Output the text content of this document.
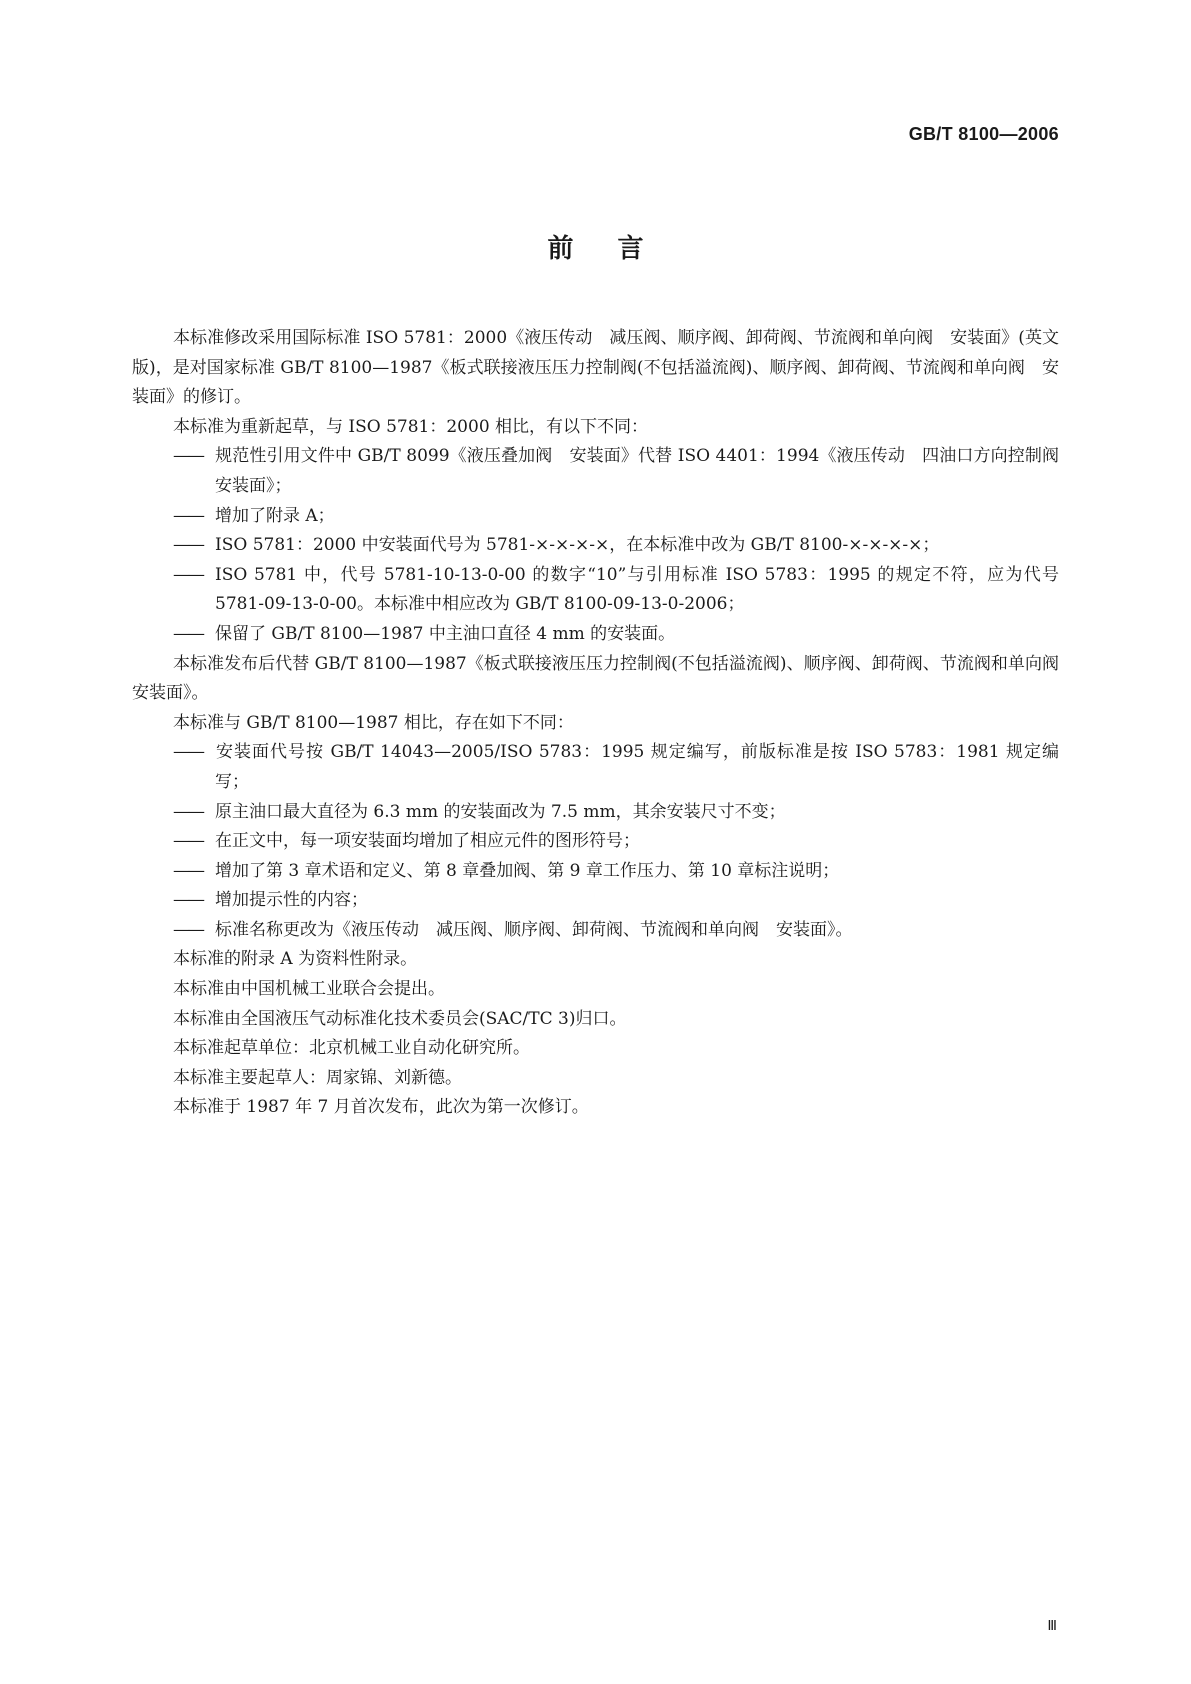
GB/T 8100—2006
前言
本标准修改采用国际标准 ISO 5781：2000《液压传动　减压阀、顺序阀、卸荷阀、节流阀和单向阀　安装面》(英文版)，是对国家标准 GB/T 8100—1987《板式联接液压压力控制阀(不包括溢流阀)、顺序阀、卸荷阀、节流阀和单向阀　安装面》的修订。
本标准为重新起草，与 ISO 5781：2000 相比，有以下不同：
—— 规范性引用文件中 GB/T 8099《液压叠加阀　安装面》代替 ISO 4401：1994《液压传动　四油口方向控制阀　安装面》；
—— 增加了附录 A；
—— ISO 5781：2000 中安装面代号为 5781-×-×-×-×，在本标准中改为 GB/T 8100-×-×-×-×；
—— ISO 5781 中，代号 5781-10-13-0-00 的数字“10”与引用标准 ISO 5783：1995 的规定不符，应为代号 5781-09-13-0-00。本标准中相应改为 GB/T 8100-09-13-0-2006；
—— 保留了 GB/T 8100—1987 中主油口直径 4 mm 的安装面。
本标准发布后代替 GB/T 8100—1987《板式联接液压压力控制阀(不包括溢流阀)、顺序阀、卸荷阀、节流阀和单向阀　安装面》。
本标准与 GB/T 8100—1987 相比，存在如下不同：
—— 安装面代号按 GB/T 14043—2005/ISO 5783：1995 规定编写，前版标准是按 ISO 5783：1981 规定编写；
—— 原主油口最大直径为 6.3 mm 的安装面改为 7.5 mm，其余安装尺寸不变；
—— 在正文中，每一项安装面均增加了相应元件的图形符号；
—— 增加了第 3 章术语和定义、第 8 章叠加阀、第 9 章工作压力、第 10 章标注说明；
—— 增加提示性的内容；
—— 标准名称更改为《液压传动　减压阀、顺序阀、卸荷阀、节流阀和单向阀　安装面》。
本标准的附录 A 为资料性附录。
本标准由中国机械工业联合会提出。
本标准由全国液压气动标准化技术委员会(SAC/TC 3)归口。
本标准起草单位：北京机械工业自动化研究所。
本标准主要起草人：周家锦、刘新德。
本标准于 1987 年 7 月首次发布，此次为第一次修订。
Ⅲ
